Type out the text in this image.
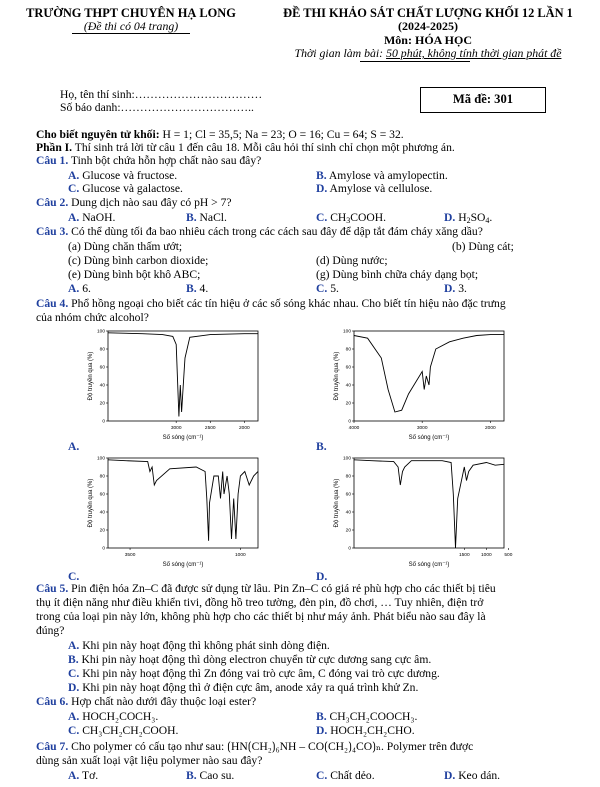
TRƯỜNG THPT CHUYÊN HẠ LONG
(Đề thi có 04 trang)
ĐỀ THI KHẢO SÁT CHẤT LƯỢNG KHỐI 12 LẦN 1
(2024-2025)
Môn: HÓA HỌC
Thời gian làm bài: 50 phút, không tính thời gian phát đề
Họ, tên thí sinh:……………………………
Số báo danh:……………………………..
Mã đề: 301
Cho biết nguyên tử khối: H = 1; Cl = 35,5; Na = 23; O = 16; Cu = 64; S = 32.
Phần I. Thí sinh trả lời từ câu 1 đến câu 18. Mỗi câu hỏi thí sinh chỉ chọn một phương án.
Câu 1. Tinh bột chứa hỗn hợp chất nào sau đây?
A. Glucose và fructose.	B. Amylose và amylopectin.
C. Glucose và galactose.	D. Amylose và cellulose.
Câu 2. Dung dịch nào sau đây có pH > 7?
A. NaOH.	B. NaCl.	C. $CH_3COOH$.	D. $H_2SO_4$.
Câu 3. Có thể dùng tối đa bao nhiêu cách trong các cách sau đây để dập tắt đám cháy xăng dầu?
(a) Dùng chăn thấm ướt;	(b) Dùng cát;
(c) Dùng bình carbon dioxide;	(d) Dùng nước;
(e) Dùng bình bột khô ABC;	(g) Dùng bình chữa cháy dạng bọt;
A. 6.	B. 4.	C. 5.	D. 3.
Câu 4. Phổ hồng ngoại cho biết các tín hiệu ở các số sóng khác nhau. Cho biết tín hiệu nào đặc trưng
của nhóm chức alcohol?
0
20
40
60
80
100
3000	2500	2000
Số sóng (cm⁻¹)
Độ truyền qua (%)
0
20
40
60
80
100
4000	3000	2000
Số sóng (cm⁻¹)
Độ truyền qua (%)
0
20
40
60
80
100
3500	1000
Số sóng (cm⁻¹)
Độ truyền qua (%)
0
20
40
60
80
100
1500 1000	500
Số sóng (cm⁻¹)
Độ truyền qua (%)
A.	B.
C.	D.
Câu 5. Pin điện hóa Zn–C đã được sử dụng từ lâu. Pin Zn–C có giá rẻ phù hợp cho các thiết bị tiêu
thụ ít điện năng như điều khiển tivi, đồng hồ treo tường, đèn pin, đồ chơi, … Tuy nhiên, điện trở
trong của loại pin này lớn, không phù hợp cho các thiết bị như máy ảnh. Phát biểu nào sau đây là
đúng?
A. Khi pin này hoạt động thì không phát sinh dòng điện.
B. Khi pin này hoạt động thì dòng electron chuyển từ cực dương sang cực âm.
C. Khi pin này hoạt động thì Zn đóng vai trò cực âm, C đóng vai trò cực dương.
D. Khi pin này hoạt động thì ở điện cực âm, anode xảy ra quá trình khử Zn.
Câu 6. Hợp chất nào dưới đây thuộc loại ester?
A. HOCH₂COCH₃.	B. CH₃CH₂COOCH₃.
C. CH₃CH₂CH₂COOH.	D. HOCH₂CH₂CHO.
Câu 7. Cho polymer có cấu tạo như sau: ⟮HN⟮CH₂⟯₆NH – CO⟮CH₂⟯₄CO⟯ₙ. Polymer trên được
dùng sản xuất loại vật liệu polymer nào sau đây?
A. Tơ.	B. Cao su.	C. Chất dẻo.	D. Keo dán.
